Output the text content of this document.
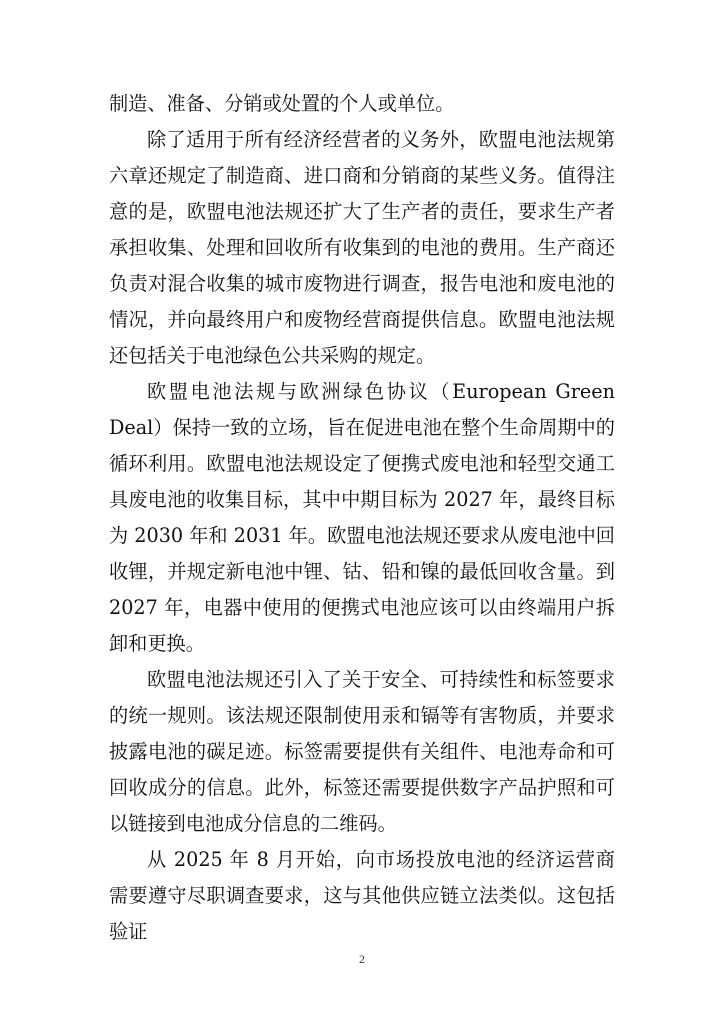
制造、准备、分销或处置的个人或单位。

除了适用于所有经济经营者的义务外，欧盟电池法规第六章还规定了制造商、进口商和分销商的某些义务。值得注意的是，欧盟电池法规还扩大了生产者的责任，要求生产者承担收集、处理和回收所有收集到的电池的费用。生产商还负责对混合收集的城市废物进行调查，报告电池和废电池的情况，并向最终用户和废物经营商提供信息。欧盟电池法规还包括关于电池绿色公共采购的规定。

欧盟电池法规与欧洲绿色协议（European Green Deal）保持一致的立场，旨在促进电池在整个生命周期中的循环利用。欧盟电池法规设定了便携式废电池和轻型交通工具废电池的收集目标，其中中期目标为 2027 年，最终目标为 2030 年和 2031 年。欧盟电池法规还要求从废电池中回收锂，并规定新电池中锂、钴、铅和镍的最低回收含量。到 2027 年，电器中使用的便携式电池应该可以由终端用户拆卸和更换。

欧盟电池法规还引入了关于安全、可持续性和标签要求的统一规则。该法规还限制使用汞和镉等有害物质，并要求披露电池的碳足迹。标签需要提供有关组件、电池寿命和可回收成分的信息。此外，标签还需要提供数字产品护照和可以链接到电池成分信息的二维码。

从 2025 年 8 月开始，向市场投放电池的经济运营商需要遵守尽职调查要求，这与其他供应链立法类似。这包括验证

2
